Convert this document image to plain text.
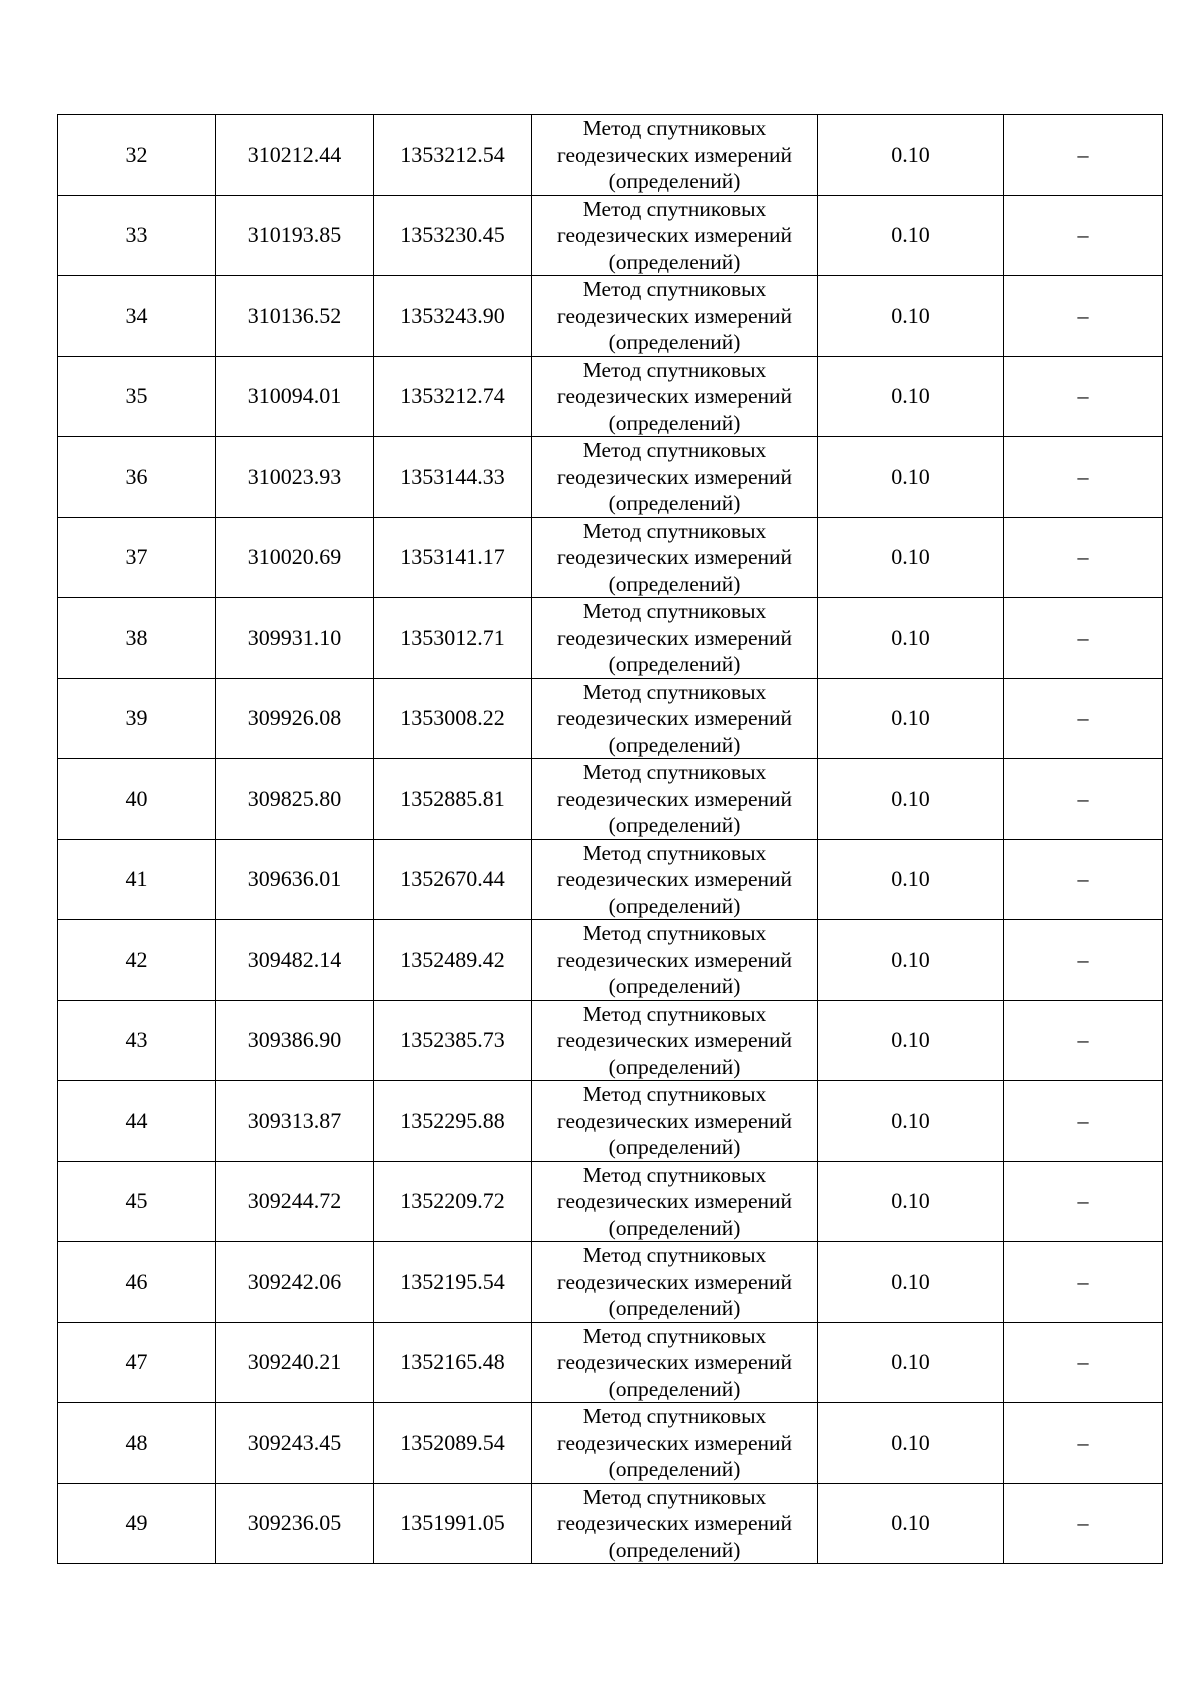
32	310212.44	1353212.54	Метод спутниковых геодезических измерений (определений)	0.10	–
33	310193.85	1353230.45	Метод спутниковых геодезических измерений (определений)	0.10	–
34	310136.52	1353243.90	Метод спутниковых геодезических измерений (определений)	0.10	–
35	310094.01	1353212.74	Метод спутниковых геодезических измерений (определений)	0.10	–
36	310023.93	1353144.33	Метод спутниковых геодезических измерений (определений)	0.10	–
37	310020.69	1353141.17	Метод спутниковых геодезических измерений (определений)	0.10	–
38	309931.10	1353012.71	Метод спутниковых геодезических измерений (определений)	0.10	–
39	309926.08	1353008.22	Метод спутниковых геодезических измерений (определений)	0.10	–
40	309825.80	1352885.81	Метод спутниковых геодезических измерений (определений)	0.10	–
41	309636.01	1352670.44	Метод спутниковых геодезических измерений (определений)	0.10	–
42	309482.14	1352489.42	Метод спутниковых геодезических измерений (определений)	0.10	–
43	309386.90	1352385.73	Метод спутниковых геодезических измерений (определений)	0.10	–
44	309313.87	1352295.88	Метод спутниковых геодезических измерений (определений)	0.10	–
45	309244.72	1352209.72	Метод спутниковых геодезических измерений (определений)	0.10	–
46	309242.06	1352195.54	Метод спутниковых геодезических измерений (определений)	0.10	–
47	309240.21	1352165.48	Метод спутниковых геодезических измерений (определений)	0.10	–
48	309243.45	1352089.54	Метод спутниковых геодезических измерений (определений)	0.10	–
49	309236.05	1351991.05	Метод спутниковых геодезических измерений (определений)	0.10	–
